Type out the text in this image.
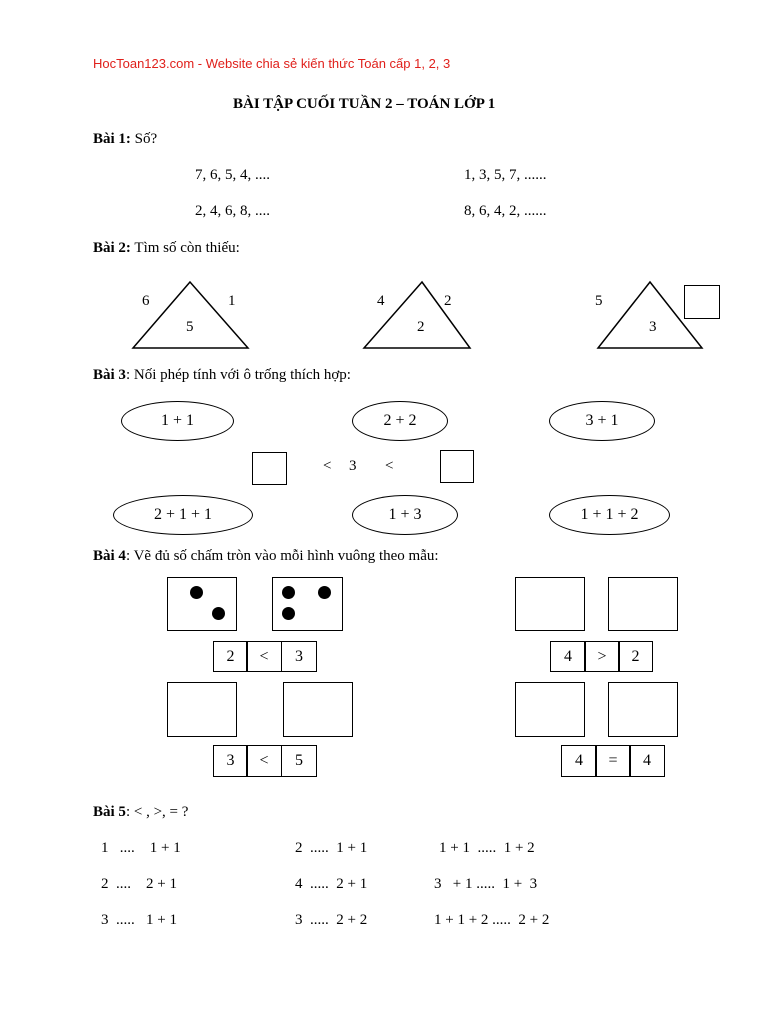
HocToan123.com - Website chia sẻ kiến thức Toán cấp 1, 2, 3
BÀI TẬP CUỐI TUẦN 2 – TOÁN LỚP 1
Bài 1: Số?
7, 6, 5, 4, ....	1, 3, 5, 7, ......
2, 4, 6, 8, ....	8, 6, 4, 2, ......
Bài 2: Tìm số còn thiếu:
6	1
5
4	2
2
5
3
Bài 3: Nối phép tính với ô trống thích hợp:
1 + 1	2 + 2	3 + 1
< 3 <
2 + 1 + 1	1 + 3	1 + 1 + 2
Bài 4: Vẽ đủ số chấm tròn vào mỗi hình vuông theo mẫu:
2	<	3	4	>	2
3	<	5	4	=	4
Bài 5: < , >, = ?
1   ....    1 + 1	2  .....  1 + 1	1 + 1  .....  1 + 2
2  ....    2 + 1	4  .....  2 + 1	3   + 1 .....  1 +  3
3  .....   1 + 1	3  .....  2 + 2	1 + 1 + 2 .....  2 + 2
